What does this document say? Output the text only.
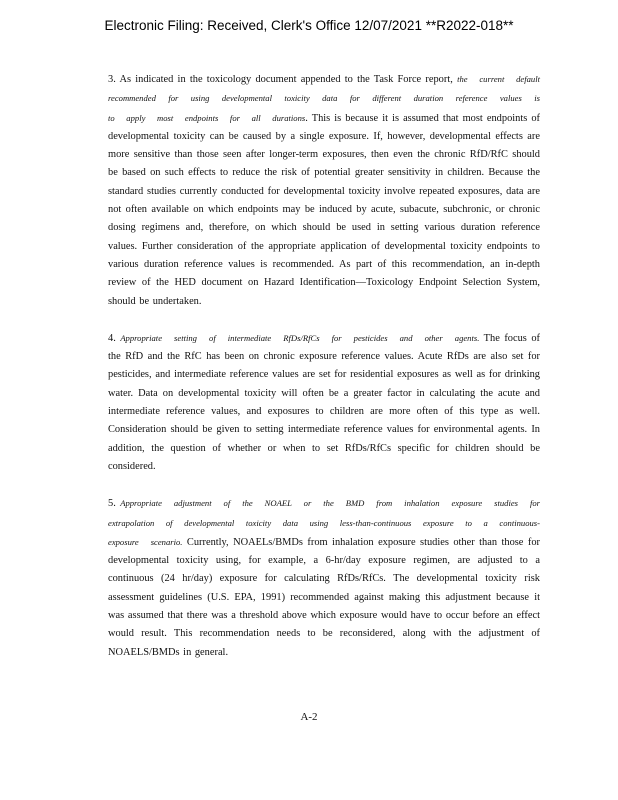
Electronic Filing: Received, Clerk's Office 12/07/2021 **R2022-018**

3. As indicated in the toxicology document appended to the Task Force report, the current default recommended for using developmental toxicity data for different duration reference values is to apply most endpoints for all durations. This is because it is assumed that most endpoints of developmental toxicity can be caused by a single exposure. If, however, developmental effects are more sensitive than those seen after longer-term exposures, then even the chronic RfD/RfC should be based on such effects to reduce the risk of potential greater sensitivity in children. Because the standard studies currently conducted for developmental toxicity involve repeated exposures, data are not often available on which endpoints may be induced by acute, subacute, subchronic, or chronic dosing regimens and, therefore, on which should be used in setting various duration reference values. Further consideration of the appropriate application of developmental toxicity endpoints to various duration reference values is recommended. As part of this recommendation, an in-depth review of the HED document on Hazard Identification—Toxicology Endpoint Selection System, should be undertaken.

4. Appropriate setting of intermediate RfDs/RfCs for pesticides and other agents. The focus of the RfD and the RfC has been on chronic exposure reference values. Acute RfDs are also set for pesticides, and intermediate reference values are set for residential exposures as well as for drinking water. Data on developmental toxicity will often be a greater factor in calculating the acute and intermediate reference values, and exposures to children are more often of this type as well. Consideration should be given to setting intermediate reference values for environmental agents. In addition, the question of whether or when to set RfDs/RfCs specific for children should be considered.

5. Appropriate adjustment of the NOAEL or the BMD from inhalation exposure studies for extrapolation of developmental toxicity data using less-than-continuous exposure to a continuous-exposure scenario. Currently, NOAELs/BMDs from inhalation exposure studies other than those for developmental toxicity using, for example, a 6-hr/day exposure regimen, are adjusted to a continuous (24 hr/day) exposure for calculating RfDs/RfCs. The developmental toxicity risk assessment guidelines (U.S. EPA, 1991) recommended against making this adjustment because it was assumed that there was a threshold above which exposure would have to occur before an effect would result. This recommendation needs to be reconsidered, along with the adjustment of NOAELS/BMDs in general.

A-2
